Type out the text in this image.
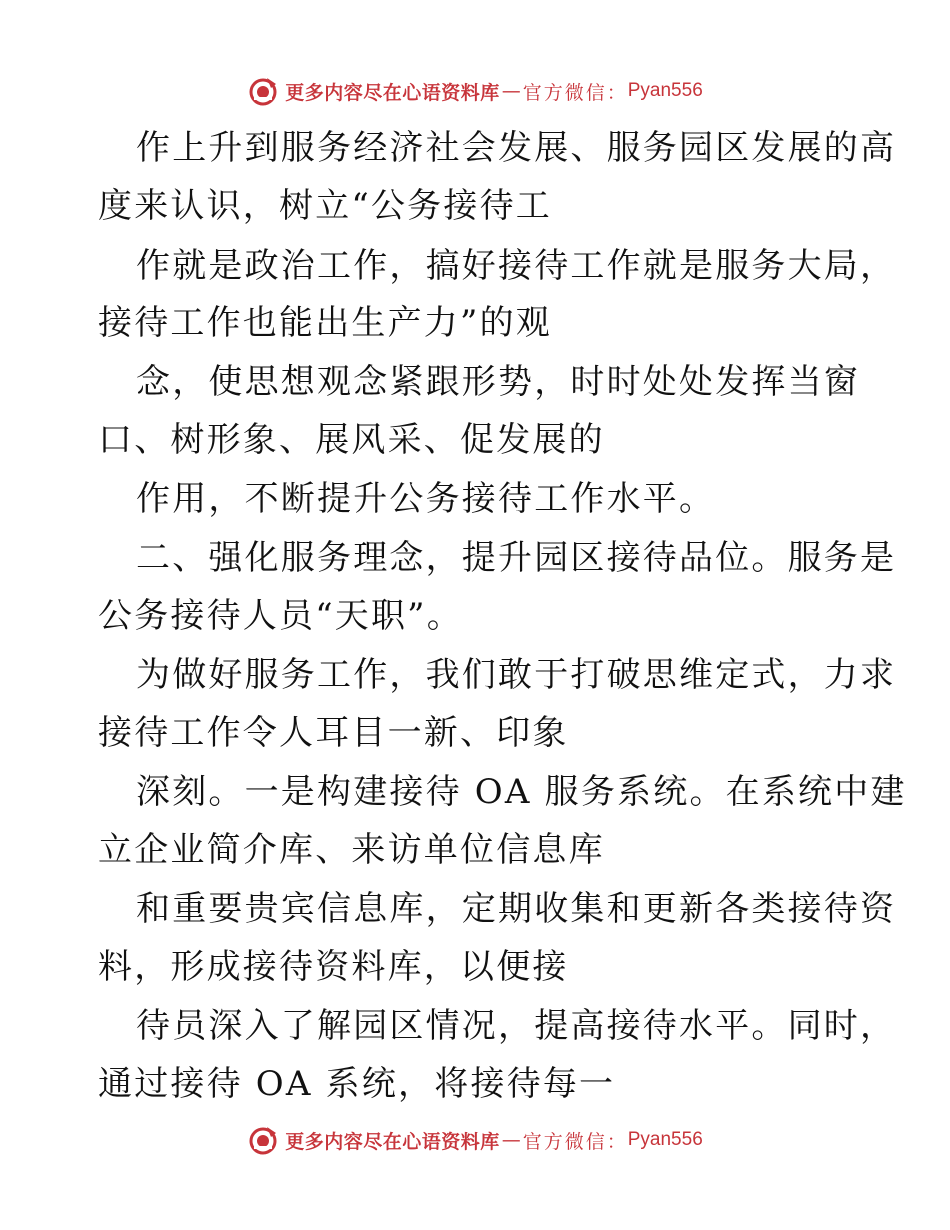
更多内容尽在心语资料库 — 官方微信： Pyan556
作上升到服务经济社会发展、服务园区发展的高
度来认识，树立“公务接待工
作就是政治工作，搞好接待工作就是服务大局，
接待工作也能出生产力”的观
念，使思想观念紧跟形势，时时处处发挥当窗
口、树形象、展风采、促发展的
作用，不断提升公务接待工作水平。
二、强化服务理念，提升园区接待品位。服务是
公务接待人员“天职”。
为做好服务工作，我们敢于打破思维定式，力求
接待工作令人耳目一新、印象
深刻。一是构建接待 OA 服务系统。在系统中建
立企业简介库、来访单位信息库
和重要贵宾信息库，定期收集和更新各类接待资
料，形成接待资料库，以便接
待员深入了解园区情况，提高接待水平。同时，
通过接待 OA 系统，将接待每一
更多内容尽在心语资料库 — 官方微信： Pyan556
